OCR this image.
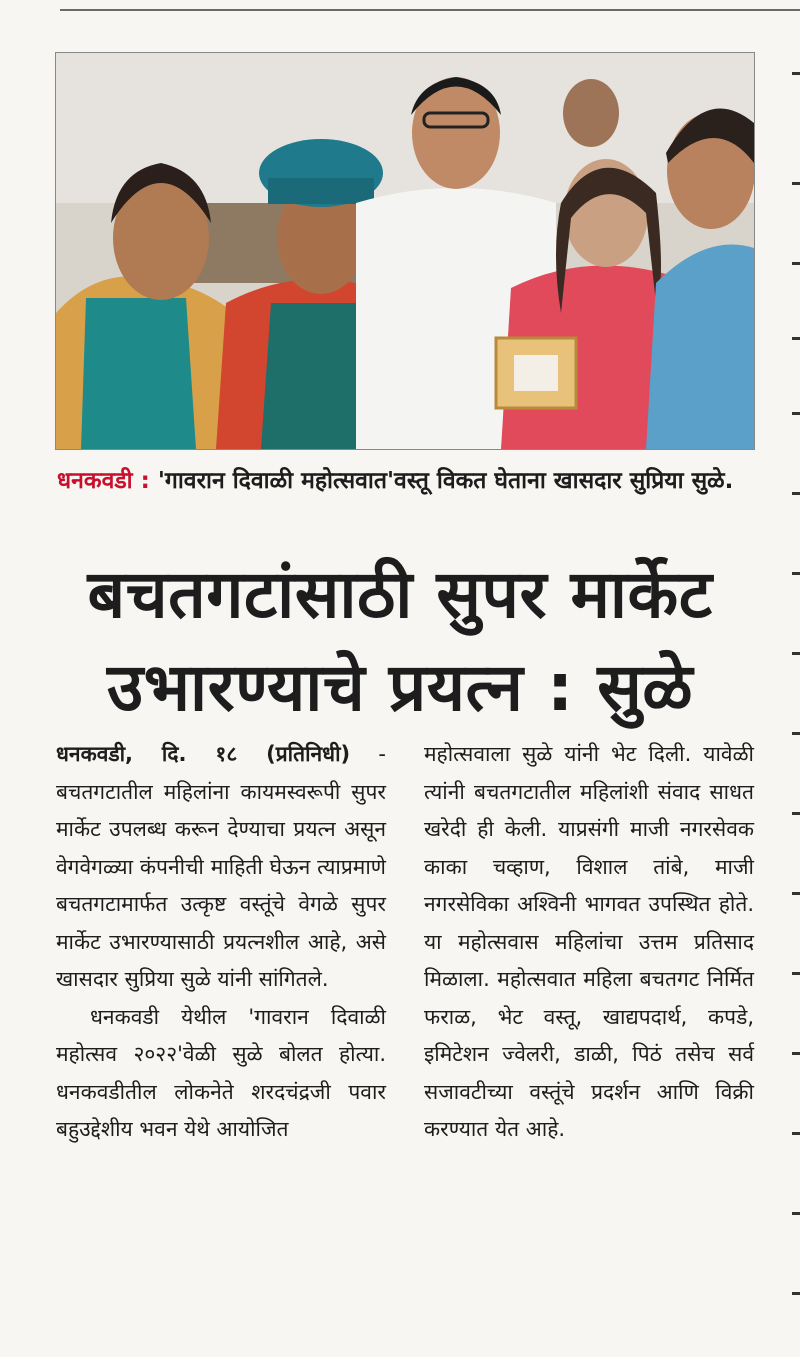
धनकवडी : 'गावरान दिवाळी महोत्सवात'वस्तू विकत घेताना खासदार सुप्रिया सुळे.
बचतगटांसाठी सुपर मार्केट
उभारण्याचे प्रयत्न : सुळे

धनकवडी, दि. १८ (प्रतिनिधी) - बचतगटातील महिलांना कायमस्वरूपी सुपर मार्केट उपलब्ध करून देण्याचा प्रयत्न असून वेगवेगळ्या कंपनीची माहिती घेऊन त्याप्रमाणे बचतगटामार्फत उत्कृष्ट वस्तूंचे वेगळे सुपर मार्केट उभारण्यासाठी प्रयत्नशील आहे, असे खासदार सुप्रिया सुळे यांनी सांगितले.

धनकवडी येथील 'गावरान दिवाळी महोत्सव २०२२'वेळी सुळे बोलत होत्या. धनकवडीतील लोकनेते शरदचंद्रजी पवार बहुउद्देशीय भवन येथे आयोजित

महोत्सवाला सुळे यांनी भेट दिली. यावेळी त्यांनी बचतगटातील महिलांशी संवाद साधत खरेदी ही केली. याप्रसंगी माजी नगरसेवक काका चव्हाण, विशाल तांबे, माजी नगरसेविका अश्विनी भागवत उपस्थित होते. या महोत्सवास महिलांचा उत्तम प्रतिसाद मिळाला. महोत्सवात महिला बचतगट निर्मित फराळ, भेट वस्तू, खाद्यपदार्थ, कपडे, इमिटेशन ज्वेलरी, डाळी, पिठं तसेच सर्व सजावटीच्या वस्तूंचे प्रदर्शन आणि विक्री करण्यात येत आहे.
